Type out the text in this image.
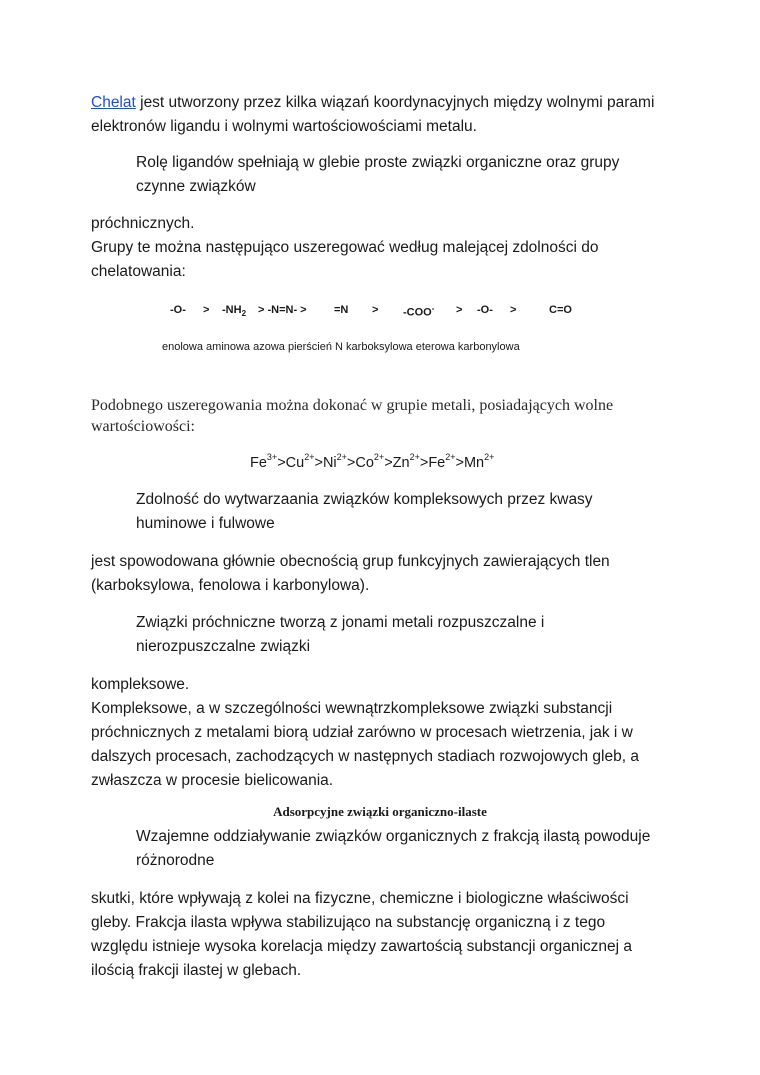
Chelat jest utworzony przez kilka wiązań koordynacyjnych między wolnymi parami
elektronów ligandu i wolnymi wartościowościami metalu.
Rolę ligandów spełniają w glebie proste związki organiczne oraz grupy
czynne związków
próchnicznych.
Grupy te można następująco uszeregować według malejącej zdolności do
chelatowania:
$-O- > -NH_2 > -N=N- > =N > -COO^- > -O-$ >	C=O
enolowa aminowa azowa pierścień N karboksylowa eterowa karbonylowa
Podobnego uszeregowania można dokonać w grupie metali, posiadających wolne
wartościowości:
$Fe^{3+}>Cu^{2+}>Ni^{2+}>Co^{2+}>Zn^{2+}>Fe^{2+}>Mn^{2+}$
Zdolność do wytwarzaania związków kompleksowych przez kwasy
huminowe i fulwowe
jest spowodowana głównie obecnością grup funkcyjnych zawierających tlen
(karboksylowa, fenolowa i karbonylowa).
Związki próchniczne tworzą z jonami metali rozpuszczalne i
nierozpuszczalne związki
kompleksowe.
Kompleksowe, a w szczególności wewnątrzkompleksowe związki substancji
próchnicznych z metalami biorą udział zarówno w procesach wietrzenia, jak i w
dalszych procesach, zachodzących w następnych stadiach rozwojowych gleb, a
zwłaszcza w procesie bielicowania.
Adsorpcyjne związki organiczno-ilaste
Wzajemne oddziaływanie związków organicznych z frakcją ilastą powoduje
różnorodne
skutki, które wpływają z kolei na fizyczne, chemiczne i biologiczne właściwości
gleby. Frakcja ilasta wpływa stabilizująco na substancję organiczną i z tego
względu istnieje wysoka korelacja między zawartością substancji organicznej a
ilością frakcji ilastej w glebach.
